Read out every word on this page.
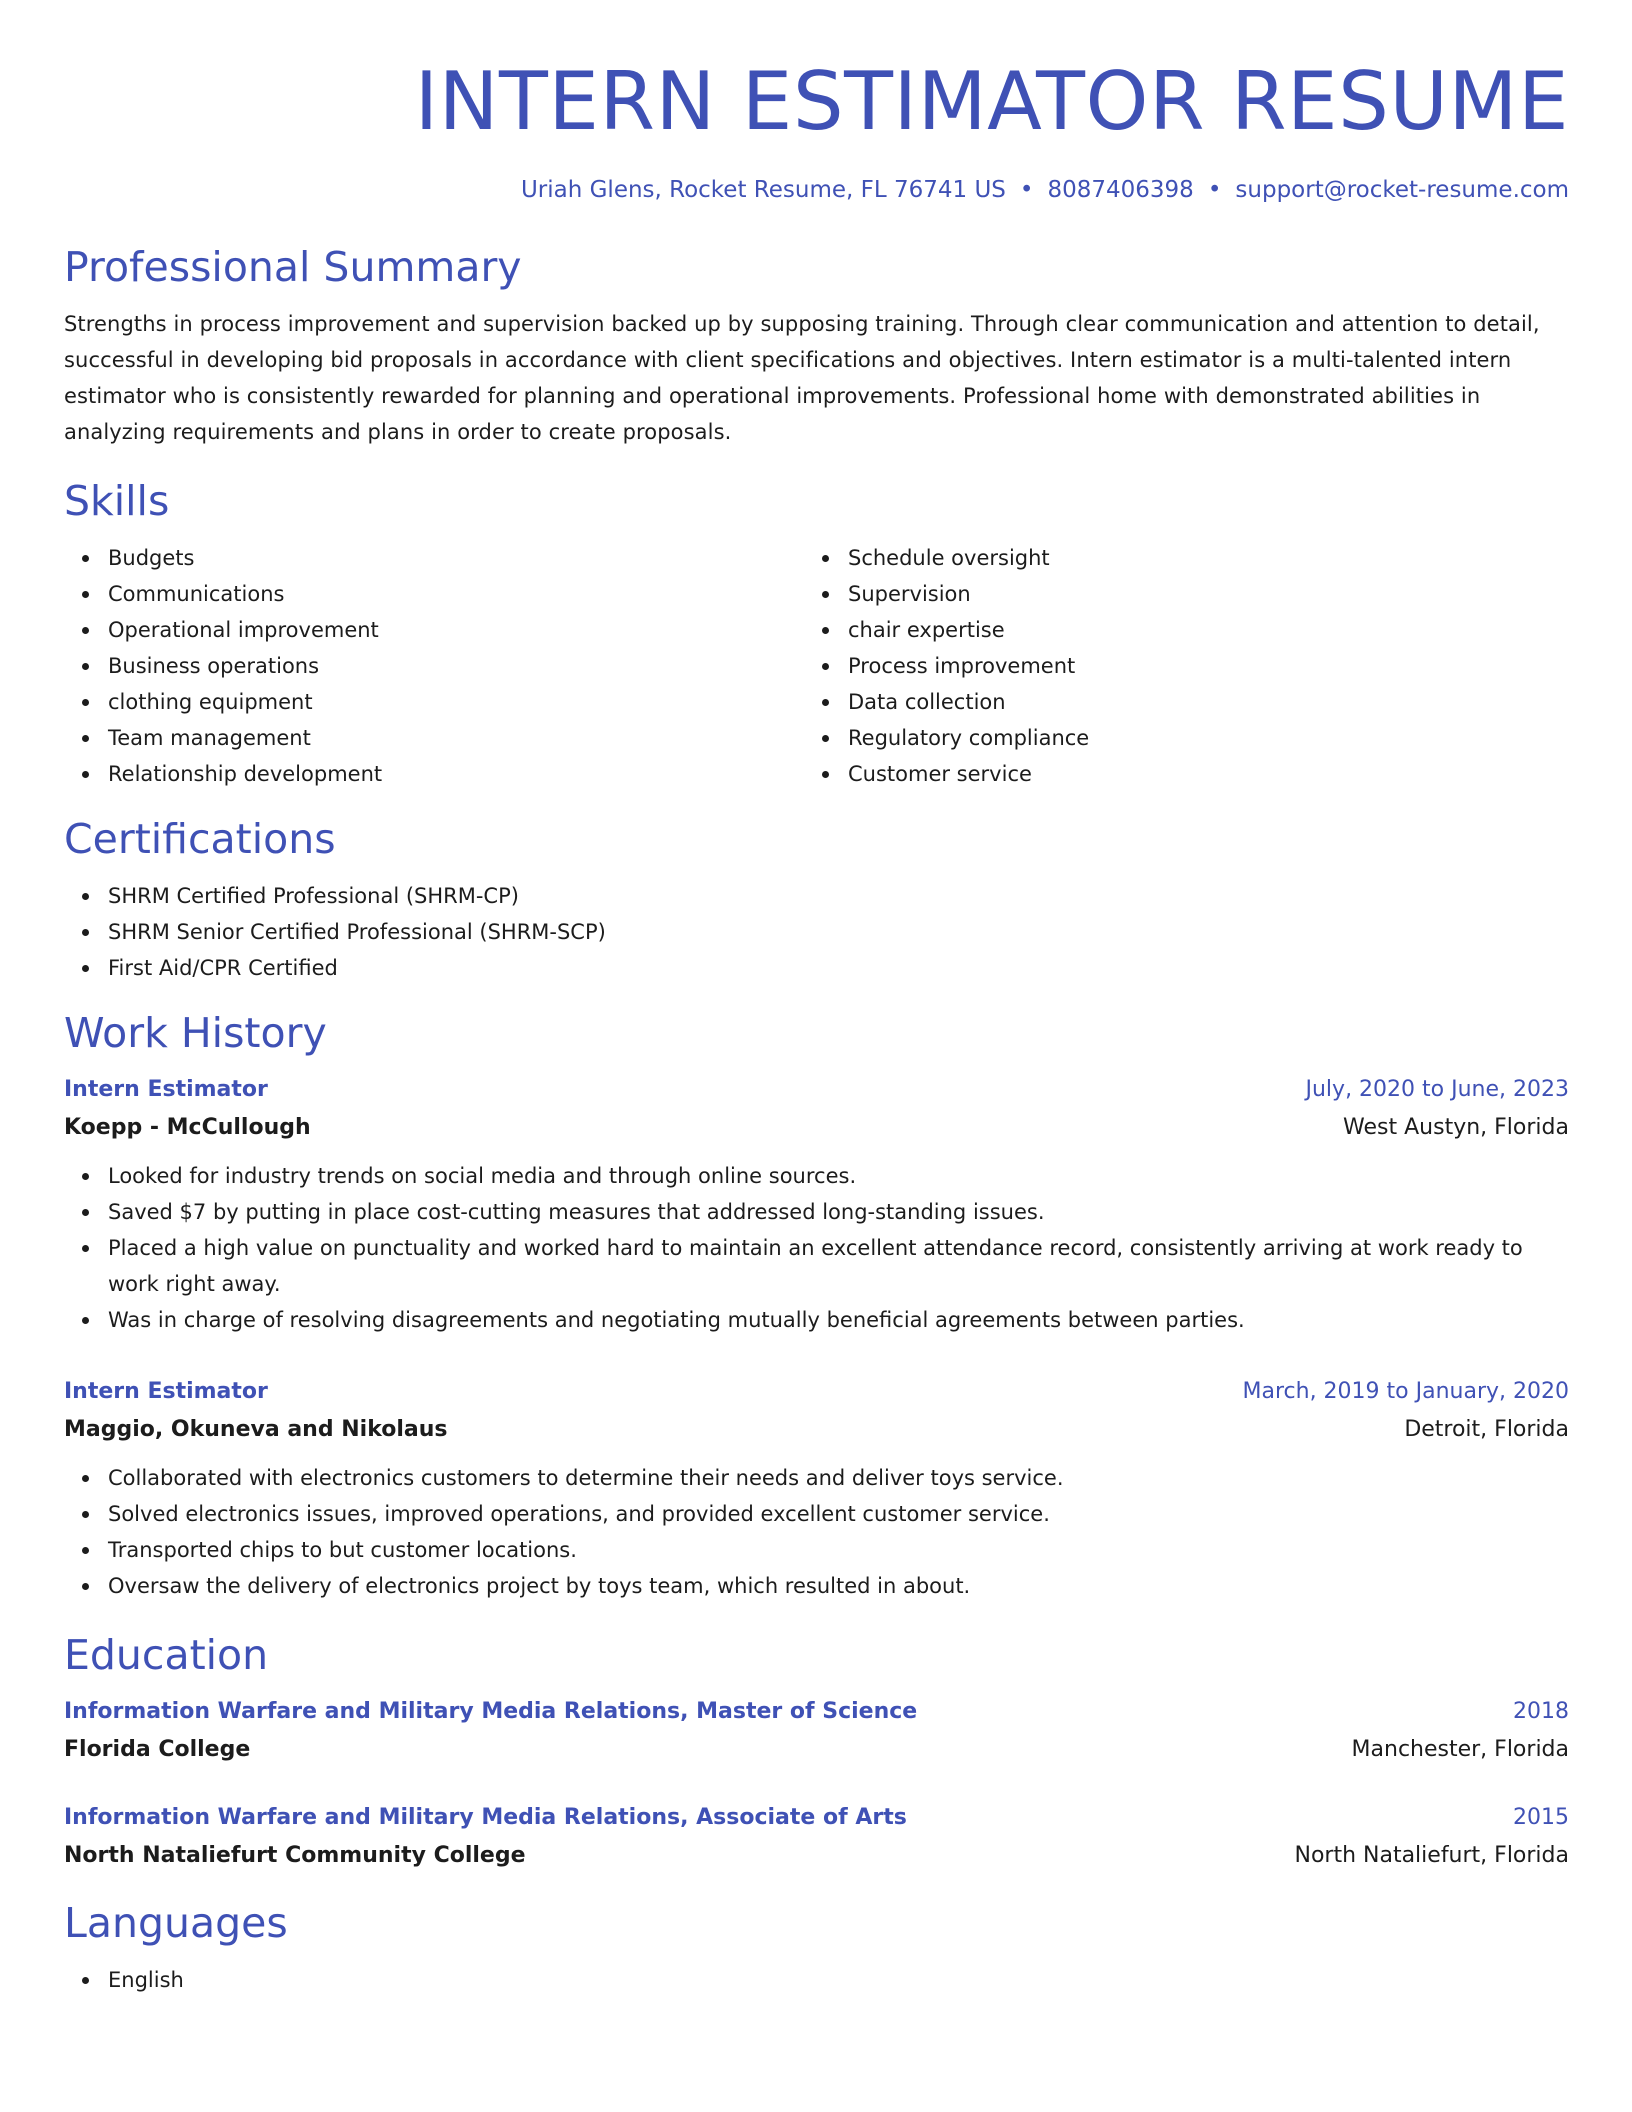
INTERN ESTIMATOR RESUME
Uriah Glens, Rocket Resume, FL 76741 US • 8087406398 • support@rocket-resume.com
Professional Summary

Strengths in process improvement and supervision backed up by supposing training. Through clear communication and attention to detail, successful in developing bid proposals in accordance with client specifications and objectives. Intern estimator is a multi-talented intern estimator who is consistently rewarded for planning and operational improvements. Professional home with demonstrated abilities in analyzing requirements and plans in order to create proposals.

Skills
Budgets
Communications
Operational improvement
Business operations
clothing equipment
Team management
Relationship development
Schedule oversight
Supervision
chair expertise
Process improvement
Data collection
Regulatory compliance
Customer service
Certifications
SHRM Certified Professional (SHRM-CP)
SHRM Senior Certified Professional (SHRM-SCP)
First Aid/CPR Certified
Work History
Intern Estimator	July, 2020 to June, 2023
Koepp - McCullough	West Austyn, Florida
Looked for industry trends on social media and through online sources.
Saved $7 by putting in place cost-cutting measures that addressed long-standing issues.
Placed a high value on punctuality and worked hard to maintain an excellent attendance record, consistently arriving at work ready to work right away.
Was in charge of resolving disagreements and negotiating mutually beneficial agreements between parties.
Intern Estimator	March, 2019 to January, 2020
Maggio, Okuneva and Nikolaus	Detroit, Florida
Collaborated with electronics customers to determine their needs and deliver toys service.
Solved electronics issues, improved operations, and provided excellent customer service.
Transported chips to but customer locations.
Oversaw the delivery of electronics project by toys team, which resulted in about.
Education
Information Warfare and Military Media Relations, Master of Science	2018
Florida College	Manchester, Florida
Information Warfare and Military Media Relations, Associate of Arts	2015
North Nataliefurt Community College	North Nataliefurt, Florida
Languages
English
